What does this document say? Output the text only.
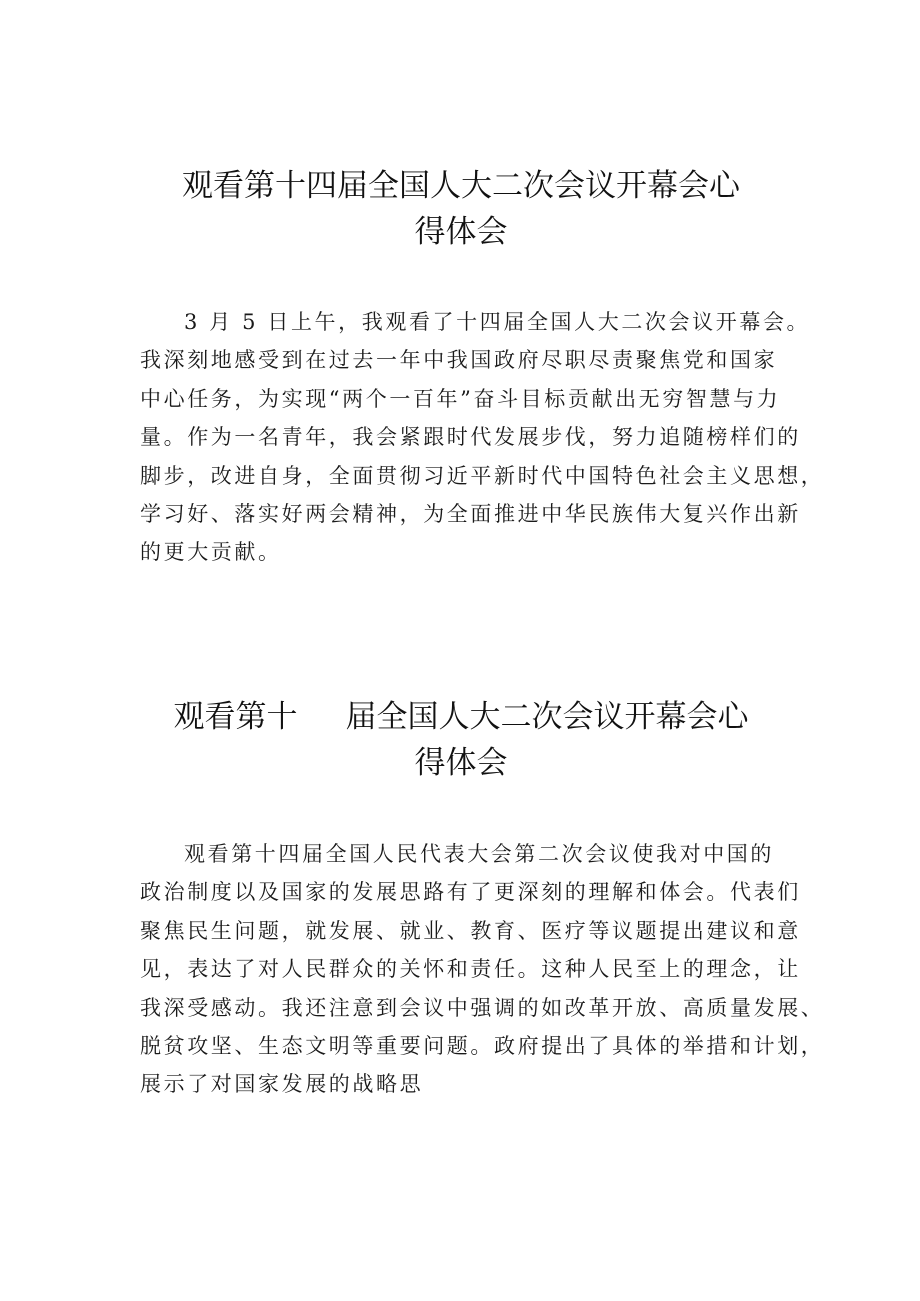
观看第十四届全国人大二次会议开幕会心
得体会
3 月 5 日上午，我观看了十四届全国人大二次会议开幕会。
我深刻地感受到在过去一年中我国政府尽职尽责聚焦党和国家
中心任务，为实现“两个一百年”奋斗目标贡献出无穷智慧与力
量。作为一名青年，我会紧跟时代发展步伐，努力追随榜样们的
脚步，改进自身，全面贯彻习近平新时代中国特色社会主义思想，
学习好、落实好两会精神，为全面推进中华民族伟大复兴作出新
的更大贡献。
观看第十 届全国人大二次会议开幕会心
得体会
观看第十四届全国人民代表大会第二次会议使我对中国的
政治制度以及国家的发展思路有了更深刻的理解和体会。代表们
聚焦民生问题，就发展、就业、教育、医疗等议题提出建议和意
见，表达了对人民群众的关怀和责任。这种人民至上的理念，让
我深受感动。我还注意到会议中强调的如改革开放、高质量发展、
脱贫攻坚、生态文明等重要问题。政府提出了具体的举措和计划，
展示了对国家发展的战略思
